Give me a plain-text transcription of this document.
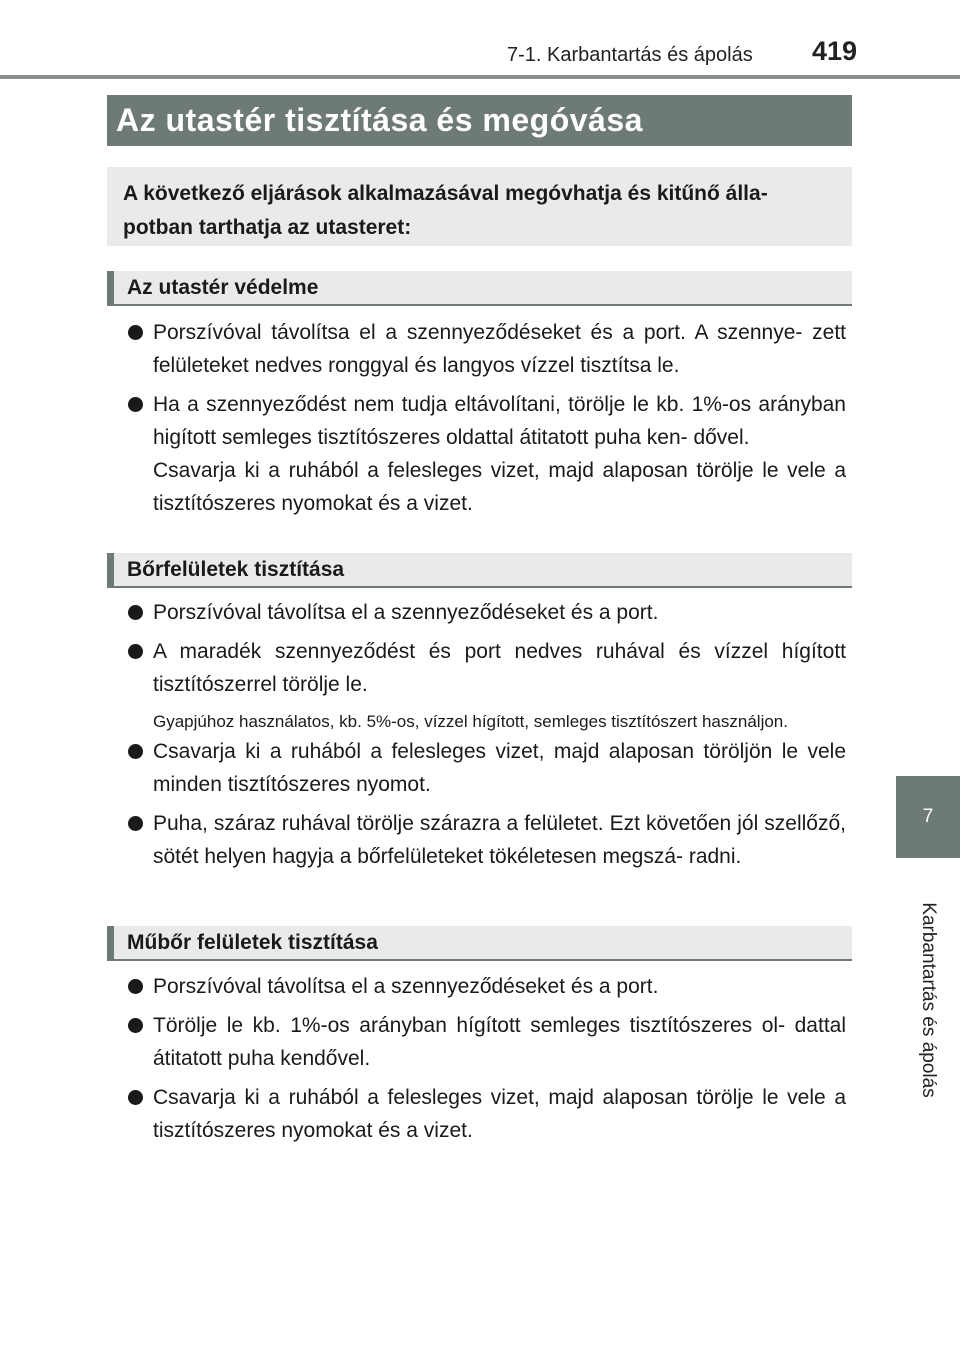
7-1. Karbantartás és ápolás 419
7
Karbantartás és ápolás
Az utastér tisztítása és megóvása
A következő eljárások alkalmazásával megóvhatja és kitűnő álla- potban tarthatja az utasteret:
Az utastér védelme
Porszívóval távolítsa el a szennyeződéseket és a port. A szennye- zett felületeket nedves ronggyal és langyos vízzel tisztítsa le.
Ha a szennyeződést nem tudja eltávolítani, törölje le kb. 1%-os arányban higított semleges tisztítószeres oldattal átitatott puha ken- dővel.
Csavarja ki a ruhából a felesleges vizet, majd alaposan törölje le vele a tisztítószeres nyomokat és a vizet.
Bőrfelületek tisztítása
Porszívóval távolítsa el a szennyeződéseket és a port.
A maradék szennyeződést és port nedves ruhával és vízzel hígított tisztítószerrel törölje le.
Gyapjúhoz használatos, kb. 5%-os, vízzel hígított, semleges tisztítószert használjon.
Csavarja ki a ruhából a felesleges vizet, majd alaposan töröljön le vele minden tisztítószeres nyomot.
Puha, száraz ruhával törölje szárazra a felületet. Ezt követően jól szellőző, sötét helyen hagyja a bőrfelületeket tökéletesen megszá- radni.
Műbőr felületek tisztítása
Porszívóval távolítsa el a szennyeződéseket és a port.
Törölje le kb. 1%-os arányban hígított semleges tisztítószeres ol- dattal átitatott puha kendővel.
Csavarja ki a ruhából a felesleges vizet, majd alaposan törölje le vele a tisztítószeres nyomokat és a vizet.
